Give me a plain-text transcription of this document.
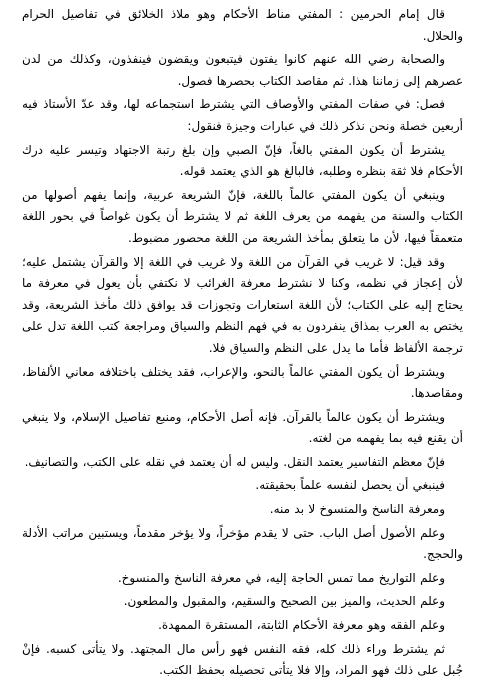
قال إمام الحرمين : المفتي مناط الأحكام وهو ملاذ الخلائق في تفاصيل الحرام والحلال.

والصحابة رضي الله عنهم كانوا يفتون فيتبعون ويقضون فينفذون، وكذلك من لدن عصرهم إلى زماننا هذا. ثم مقاصد الكتاب بحصرها فصول.

فصل: في صفات المفتي والأوصاف التي يشترط استجماعه لها، وقد عدّ الأستاذ فيه أربعين خصلة ونحن نذكر ذلك في عبارات وجيزة فنقول:

يشترط أن يكون المفتي بالغاً، فإنّ الصبي وإن بلغ رتبة الاجتهاد وتيسر عليه درك الأحكام فلا ثقة بنظره وطلبه، فالبالغ هو الذي يعتمد قوله.

وينبغي أن يكون المفتي عالماً باللغة، فإنّ الشريعة عربية، وإنما يفهم أصولها من الكتاب والسنة من يفهمه من يعرف اللغة ثم لا يشترط أن يكون غواصاً في بحور اللغة متعمقاً فيها، لأن ما يتعلق بمأخذ الشريعة من اللغة محصور مضبوط.

وقد قيل: لا غريب في القرآن من اللغة ولا غريب في اللغة إلا والقرآن يشتمل عليه؛ لأن إعجاز في نظمه، وكنا لا نشترط معرفة الغرائب لا نكتفي بأن يعول في معرفة ما يحتاج إليه على الكتاب؛ لأن اللغة استعارات وتجوزات قد يوافق ذلك مأخذ الشريعة، وقد يختص به العرب بمذاق ينفردون به في فهم النظم والسياق ومراجعة كتب اللغة تدل على ترجمة الألفاظ فأما ما يدل على النظم والسياق فلا.

ويشترط أن يكون المفتي عالماً بالنحو، والإعراب، فقد يختلف باختلافه معاني الألفاظ، ومقاصدها.

ويشترط أن يكون عالماً بالقرآن. فإنه أصل الأحكام، ومنبع تفاصيل الإسلام، ولا ينبغي أن يقنع فيه بما يفهمه من لغته.

فإنّ معظم التفاسير يعتمد النقل. وليس له أن يعتمد في نقله على الكتب، والتصانيف.

فينبغي أن يحصل لنفسه علماً بحقيقته.

ومعرفة الناسخ والمنسوخ لا بد منه.

وعلم الأصول أصل الباب. حتى لا يقدم مؤخراً، ولا يؤخر مقدماً، ويستبين مراتب الأدلة والحجج.

وعلم التواريخ مما تمس الحاجة إليه، في معرفة الناسخ والمنسوخ.

وعلم الحديث، والميز بين الصحيح والسقيم، والمقبول والمطعون.

وعلم الفقه وهو معرفة الأحكام الثابتة، المستقرة الممهدة.

ثم يشترط وراء ذلك كله، فقه النفس فهو رأس مال المجتهد. ولا يتأتى كسبه. فإنْ جُبل على ذلك فهو المراد، وإلا فلا يتأتى تحصيله بحفظ الكتب.
